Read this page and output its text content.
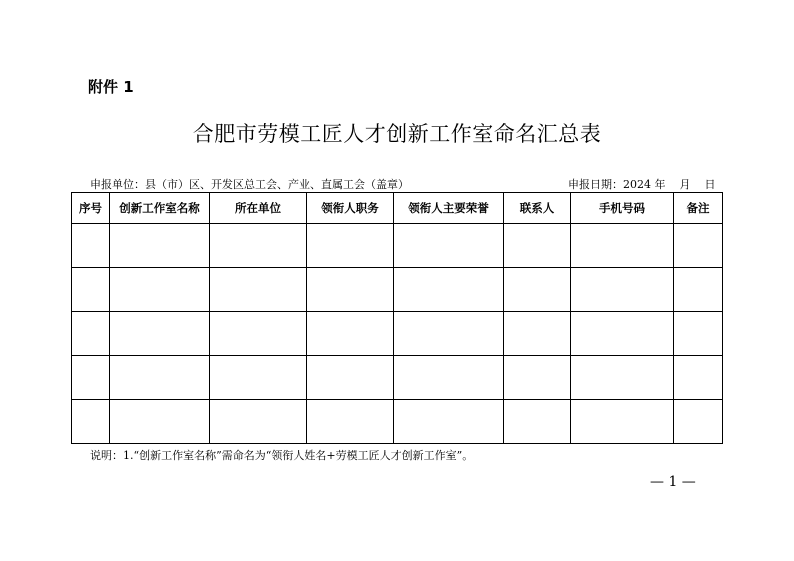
附件 1
合肥市劳模工匠人才创新工作室命名汇总表
申报单位：县（市）区、开发区总工会、产业、直属工会（盖章）	申报日期：2024 年    月    日
序号	创新工作室名称	所在单位	领衔人职务	领衔人主要荣誉	联系人	手机号码	备注

说明：1.“创新工作室名称”需命名为“领衔人姓名+劳模工匠人才创新工作室”。
— 1 —
